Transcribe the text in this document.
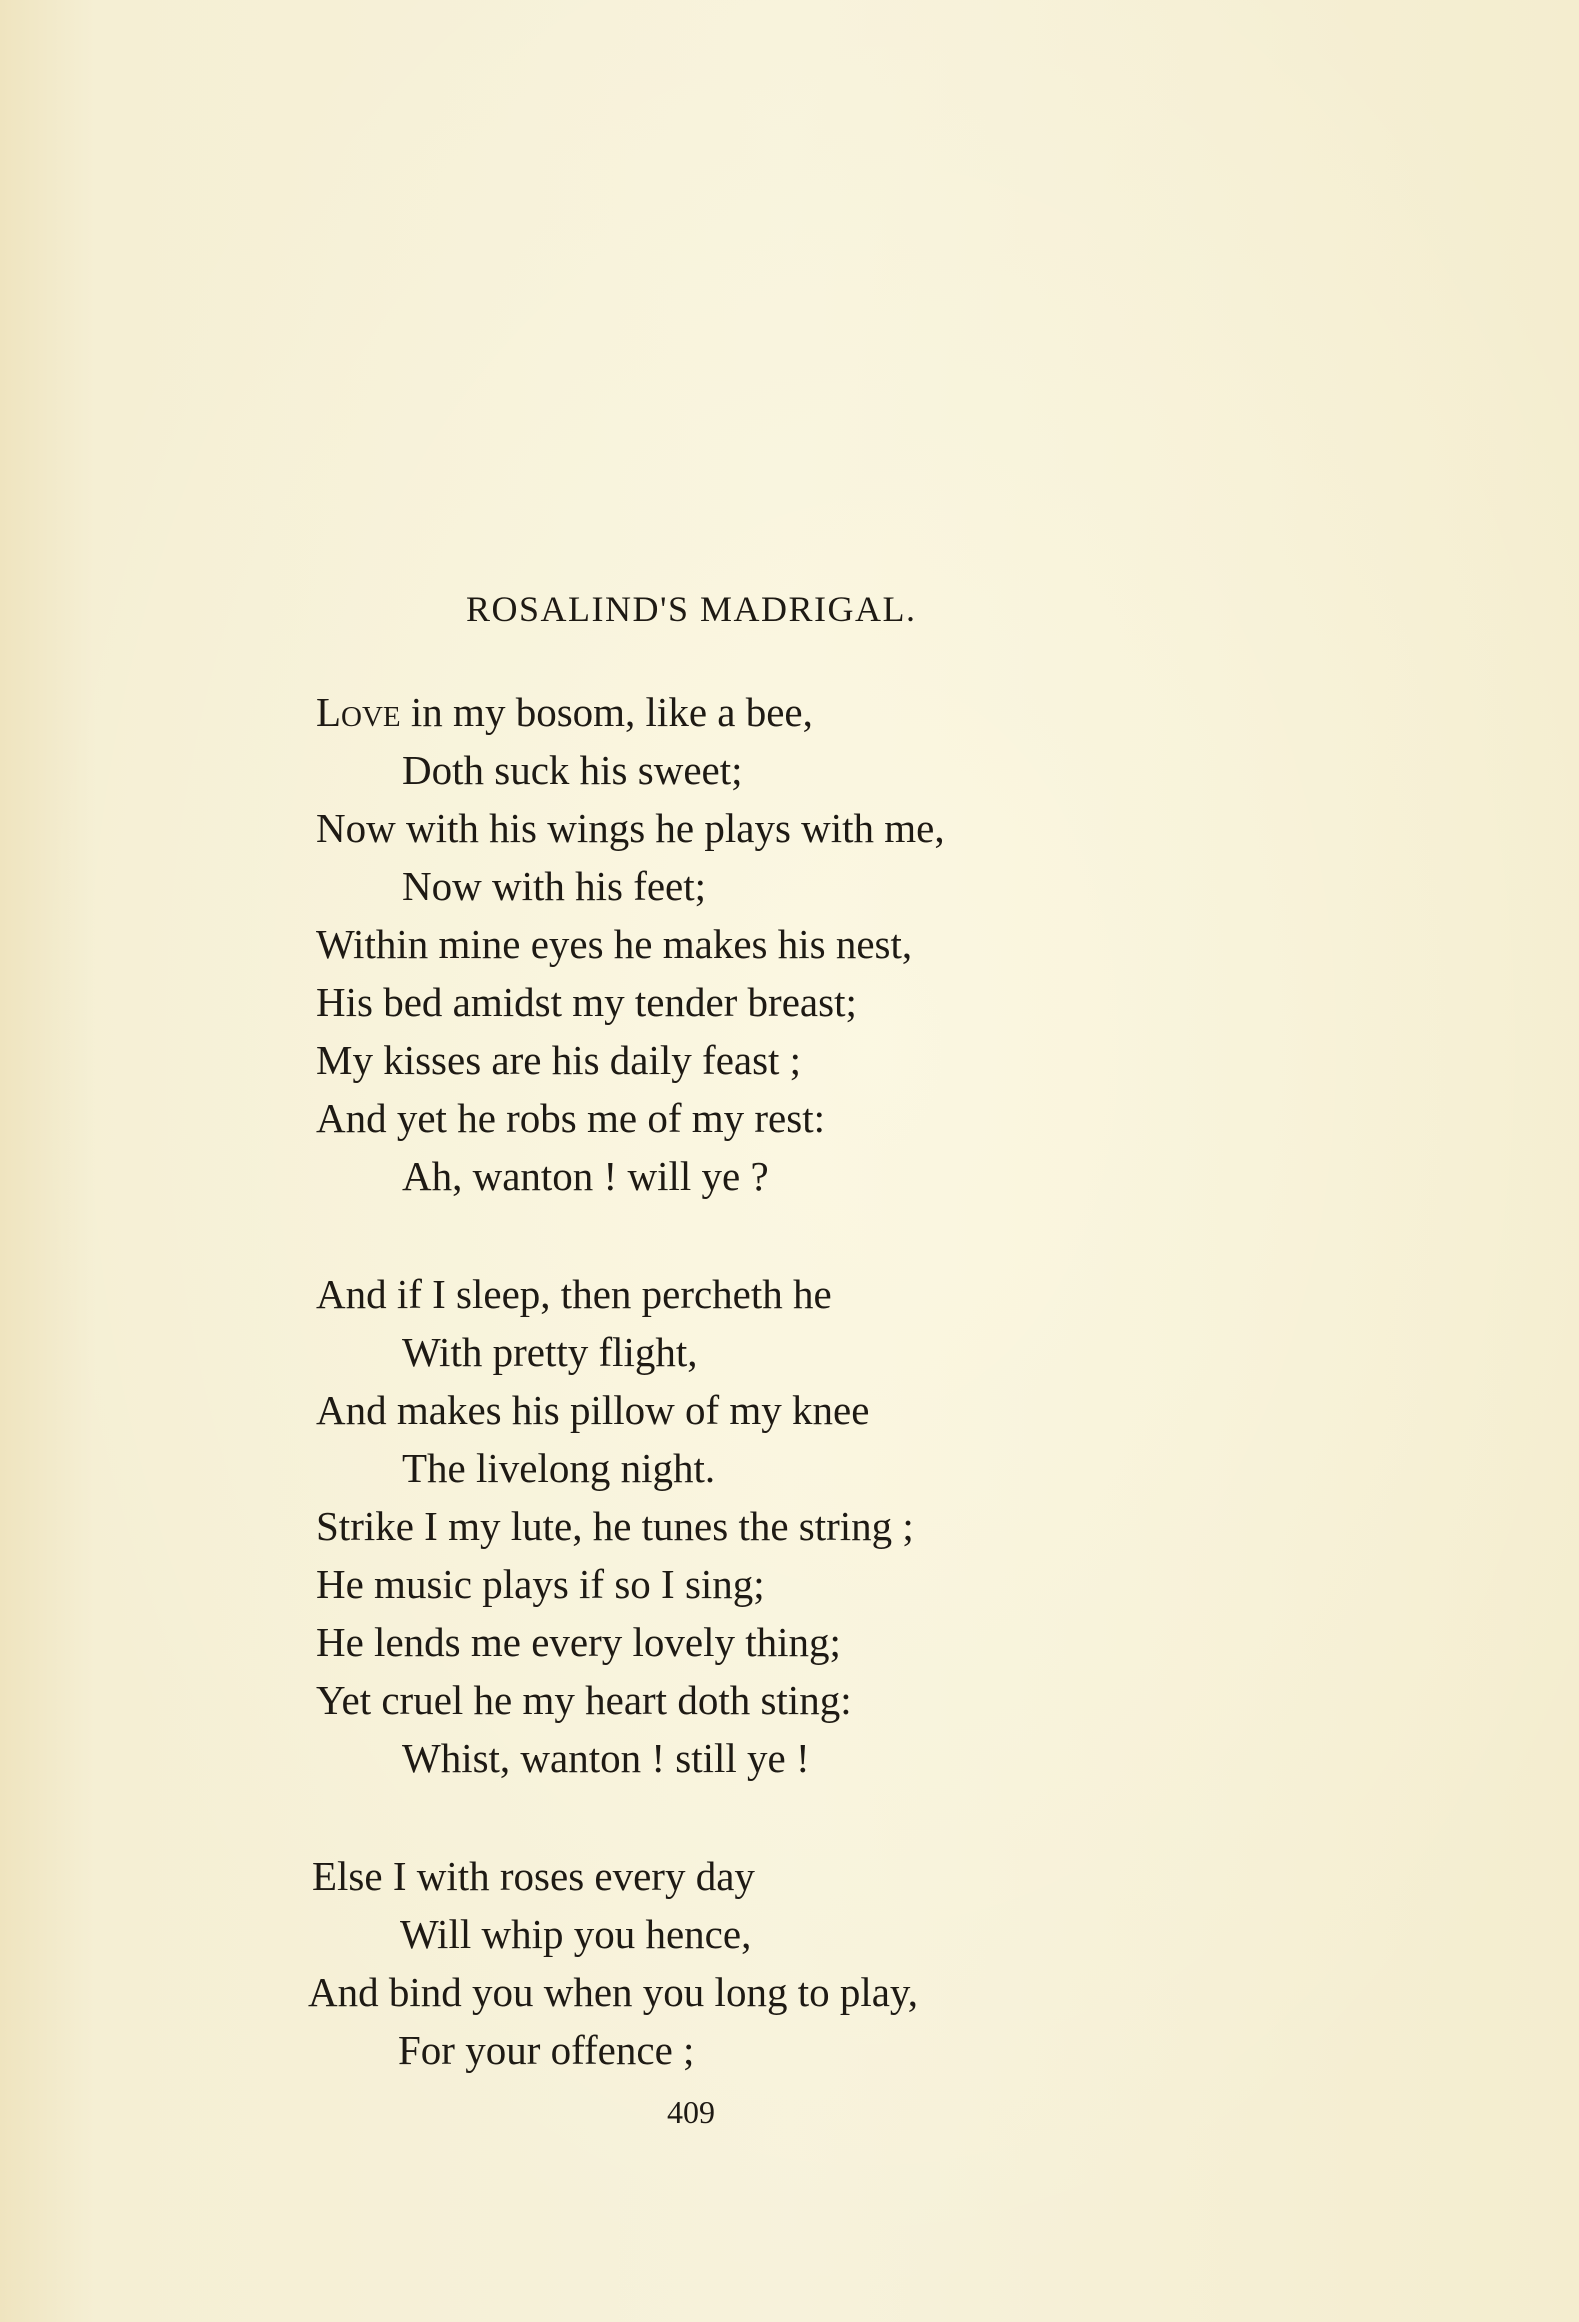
ROSALIND'S MADRIGAL.
Love in my bosom, like a bee,
Doth suck his sweet;
Now with his wings he plays with me,
Now with his feet;
Within mine eyes he makes his nest,
His bed amidst my tender breast;
My kisses are his daily feast ;
And yet he robs me of my rest:
Ah, wanton ! will ye ?
And if I sleep, then percheth he
With pretty flight,
And makes his pillow of my knee
The livelong night.
Strike I my lute, he tunes the string ;
He music plays if so I sing;
He lends me every lovely thing;
Yet cruel he my heart doth sting:
Whist, wanton ! still ye !
Else I with roses every day
Will whip you hence,
And bind you when you long to play,
For your offence ;
409
